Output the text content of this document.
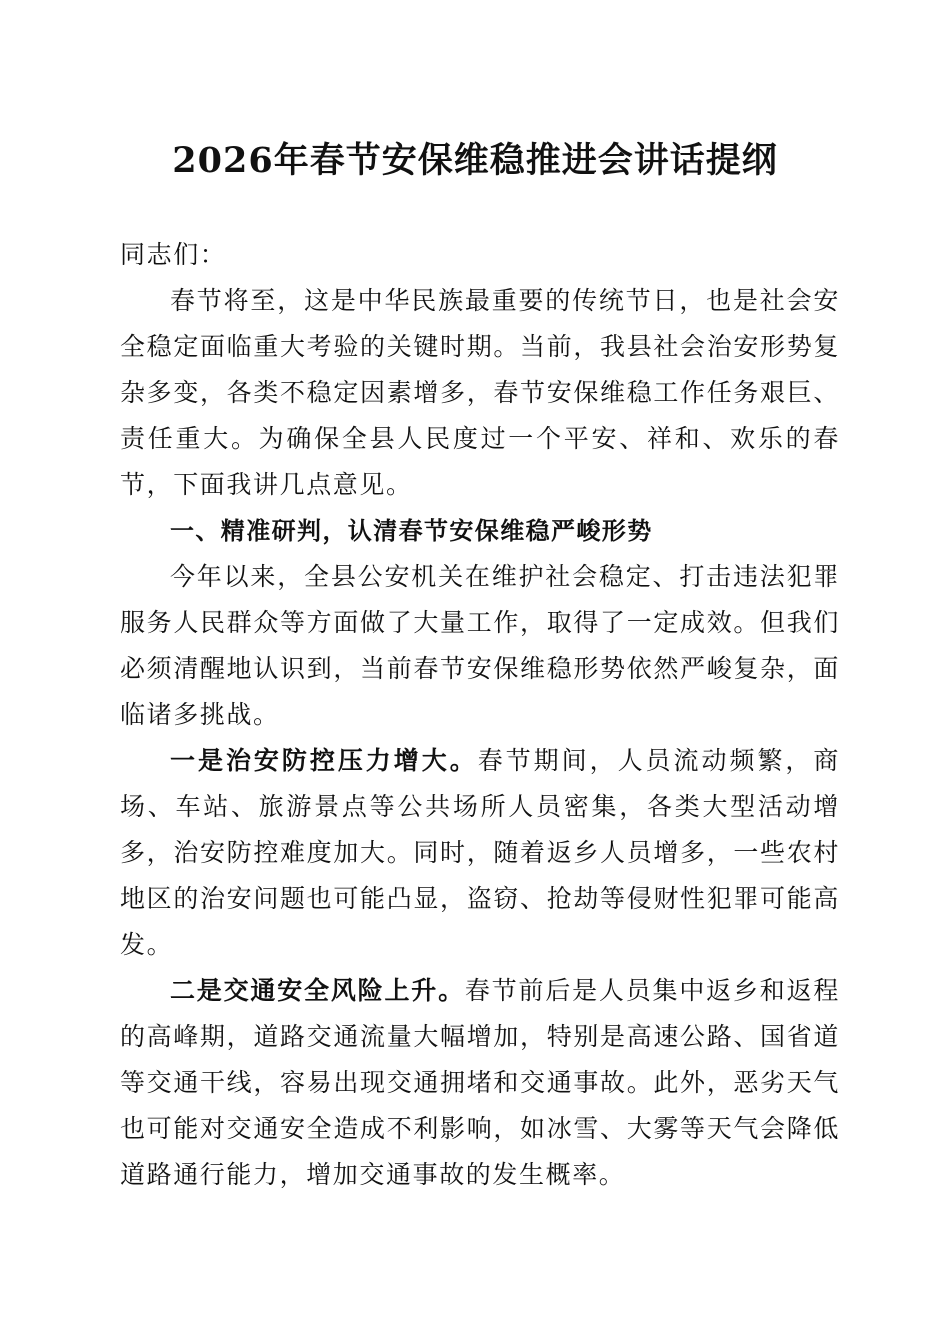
2026年春节安保维稳推进会讲话提纲

同志们：

春节将至，这是中华民族最重要的传统节日，也是社会安全稳定面临重大考验的关键时期。当前，我县社会治安形势复杂多变，各类不稳定因素增多，春节安保维稳工作任务艰巨、责任重大。为确保全县人民度过一个平安、祥和、欢乐的春节，下面我讲几点意见。

一、精准研判，认清春节安保维稳严峻形势

今年以来，全县公安机关在维护社会稳定、打击违法犯罪服务人民群众等方面做了大量工作，取得了一定成效。但我们必须清醒地认识到，当前春节安保维稳形势依然严峻复杂，面临诸多挑战。

一是治安防控压力增大。春节期间，人员流动频繁，商场、车站、旅游景点等公共场所人员密集，各类大型活动增多，治安防控难度加大。同时，随着返乡人员增多，一些农村地区的治安问题也可能凸显，盗窃、抢劫等侵财性犯罪可能高发。

二是交通安全风险上升。春节前后是人员集中返乡和返程的高峰期，道路交通流量大幅增加，特别是高速公路、国省道等交通干线，容易出现交通拥堵和交通事故。此外，恶劣天气也可能对交通安全造成不利影响，如冰雪、大雾等天气会降低道路通行能力，增加交通事故的发生概率。
